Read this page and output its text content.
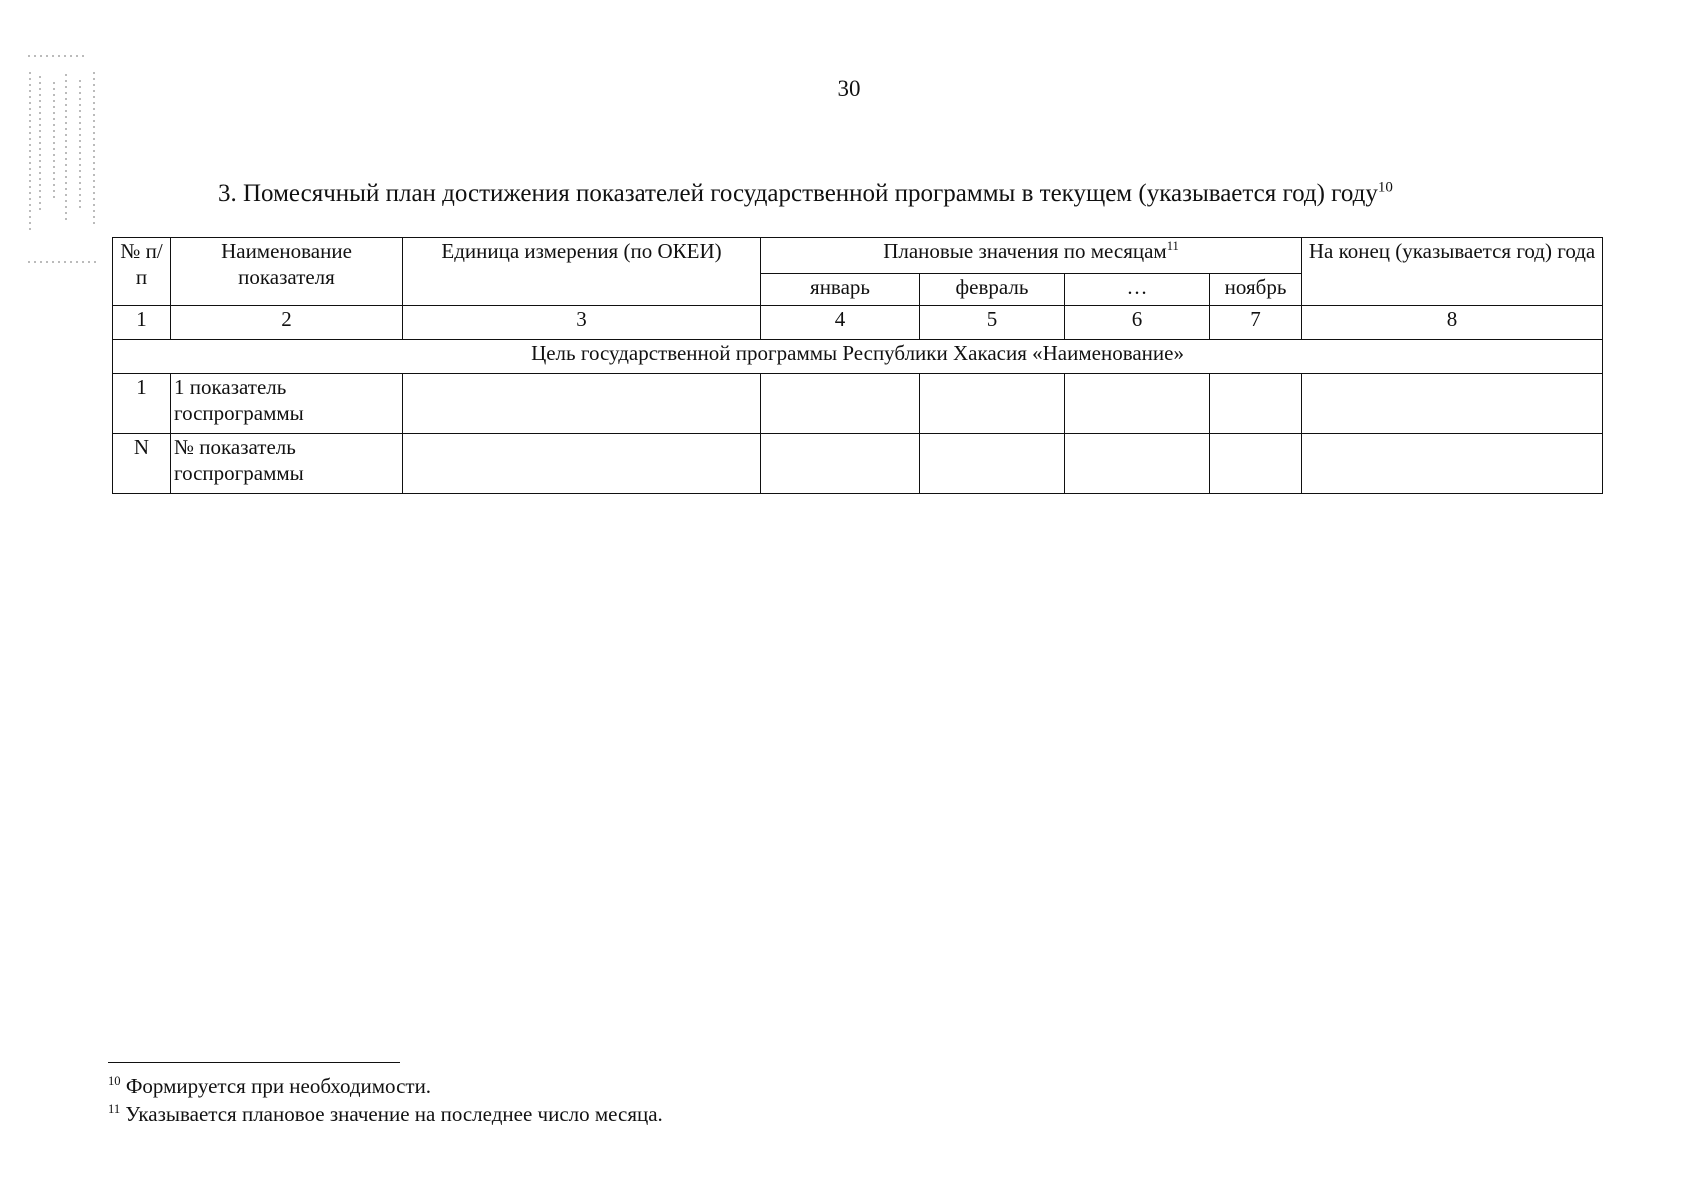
30
3. Помесячный план достижения показателей государственной программы в текущем (указывается год) году$^{10}$
№ п/п	Наименование показателя	Единица измерения (по ОКЕИ)	Плановые значения по месяцам$^{11}$				На конец (указывается год) года
			январь	февраль	…	ноябрь	
1	2	3	4	5	6	7	8
Цель государственной программы Республики Хакасия «Наименование»							
1	1 показатель госпрограммы						
N	№ показатель госпрограммы						
$^{10}$ Формируется при необходимости.
$^{11}$ Указывается плановое значение на последнее число месяца.
